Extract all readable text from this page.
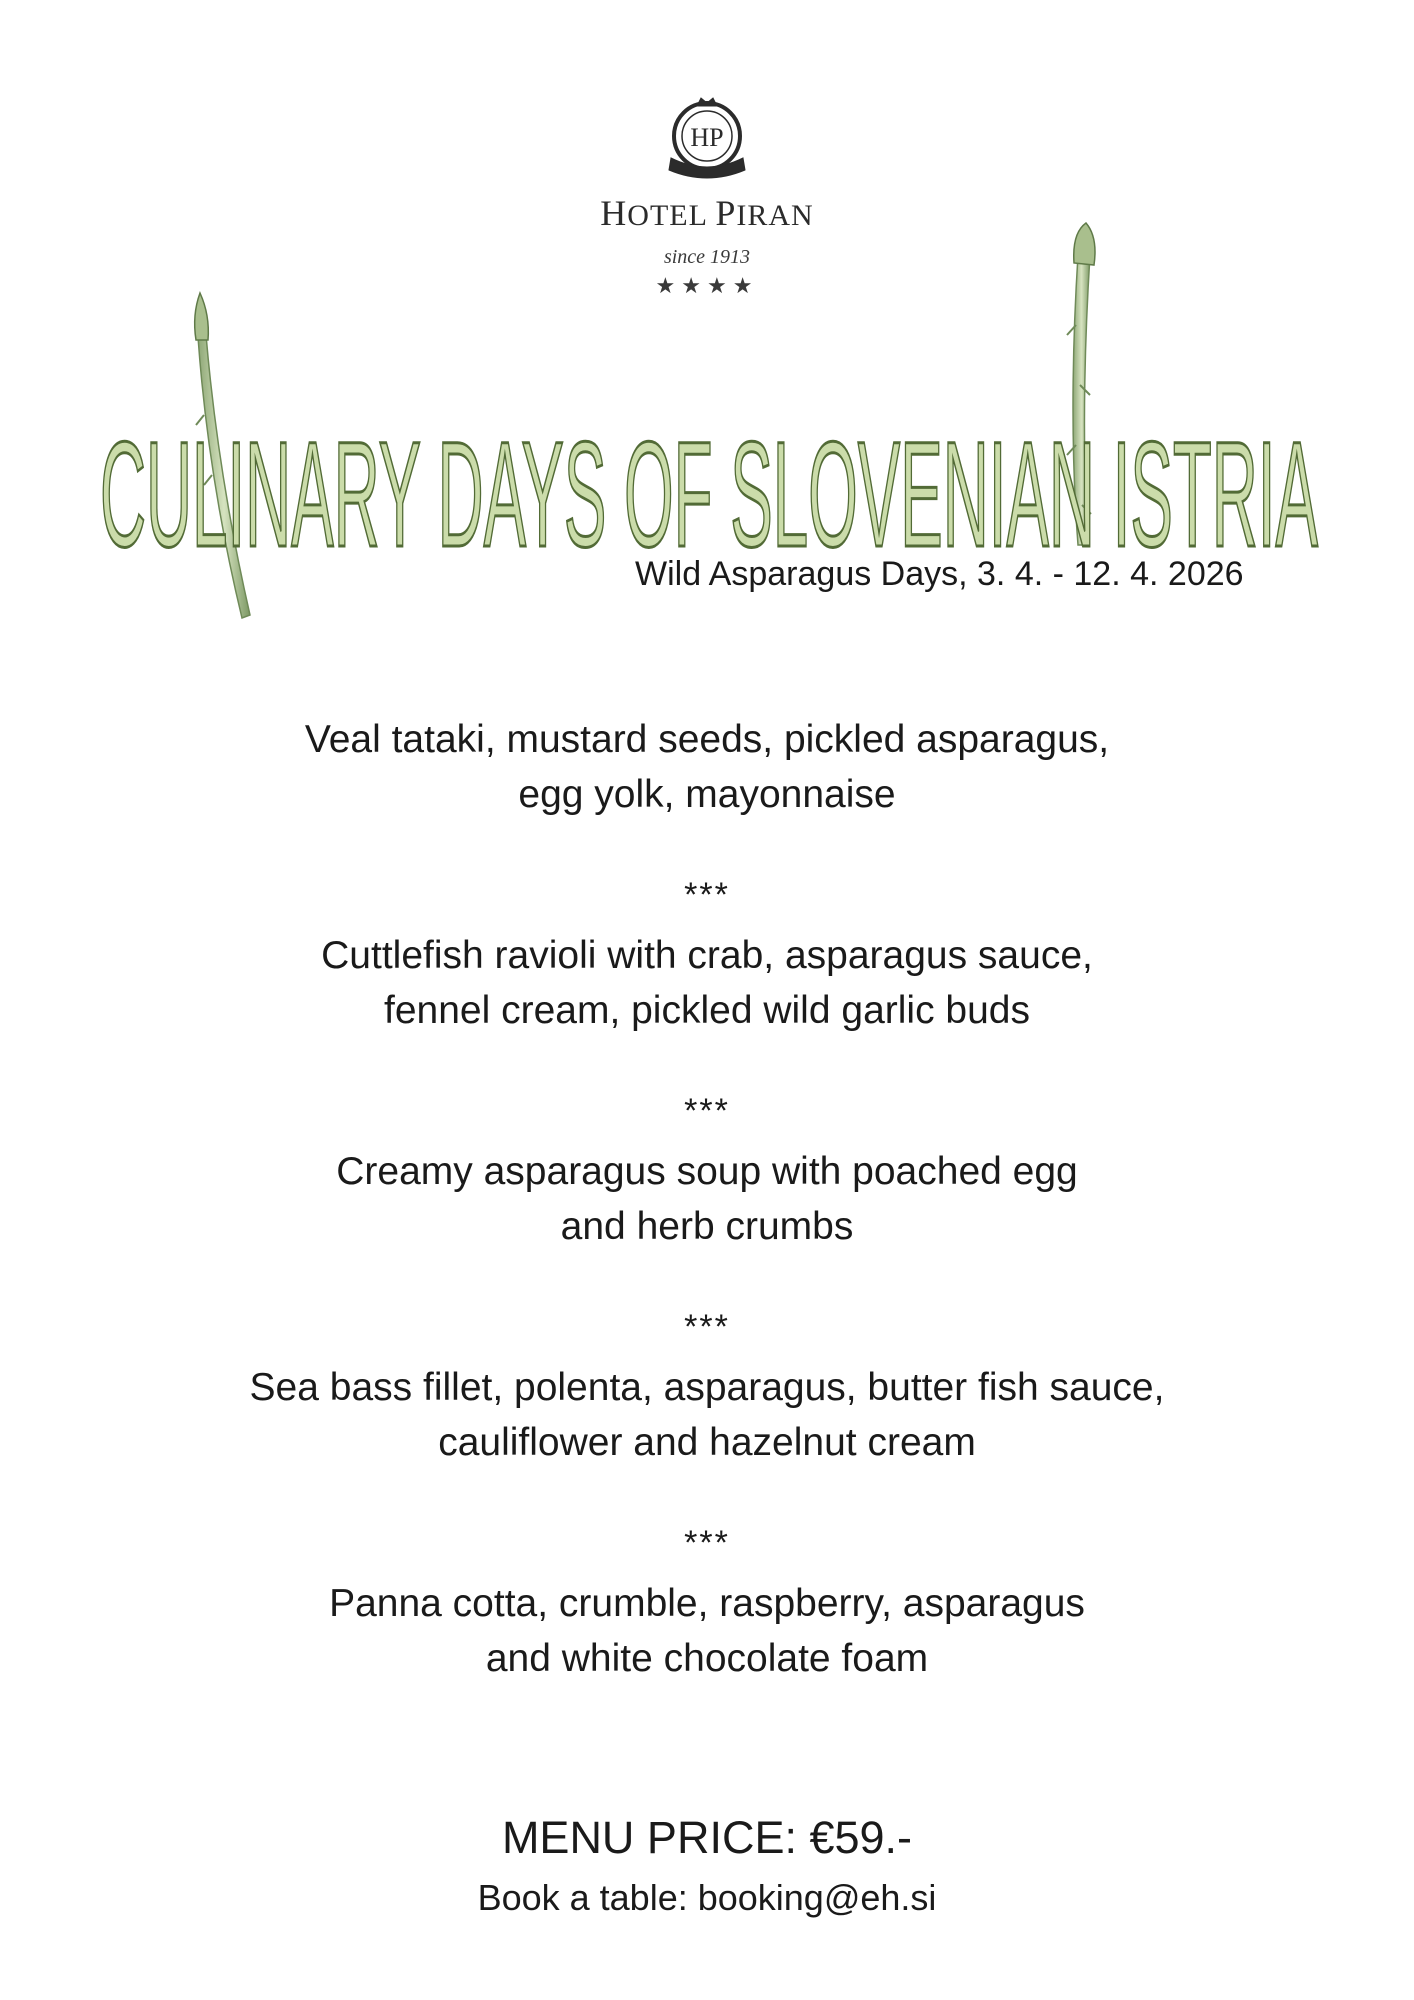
HP
HOTEL PIRAN
since 1913
★★★★
CULINARY DAYS OF SLOVENIAN ISTRIA
Wild Asparagus Days, 3. 4. - 12. 4. 2026

Veal tataki, mustard seeds, pickled asparagus,

egg yolk, mayonnaise

***

Cuttlefish ravioli with crab, asparagus sauce,

fennel cream, pickled wild garlic buds

***

Creamy asparagus soup with poached egg

and herb crumbs

***

Sea bass fillet, polenta, asparagus, butter fish sauce,

cauliflower and hazelnut cream

***

Panna cotta, crumble, raspberry, asparagus

and white chocolate foam

MENU PRICE: €59.-
Book a table: booking@eh.si
